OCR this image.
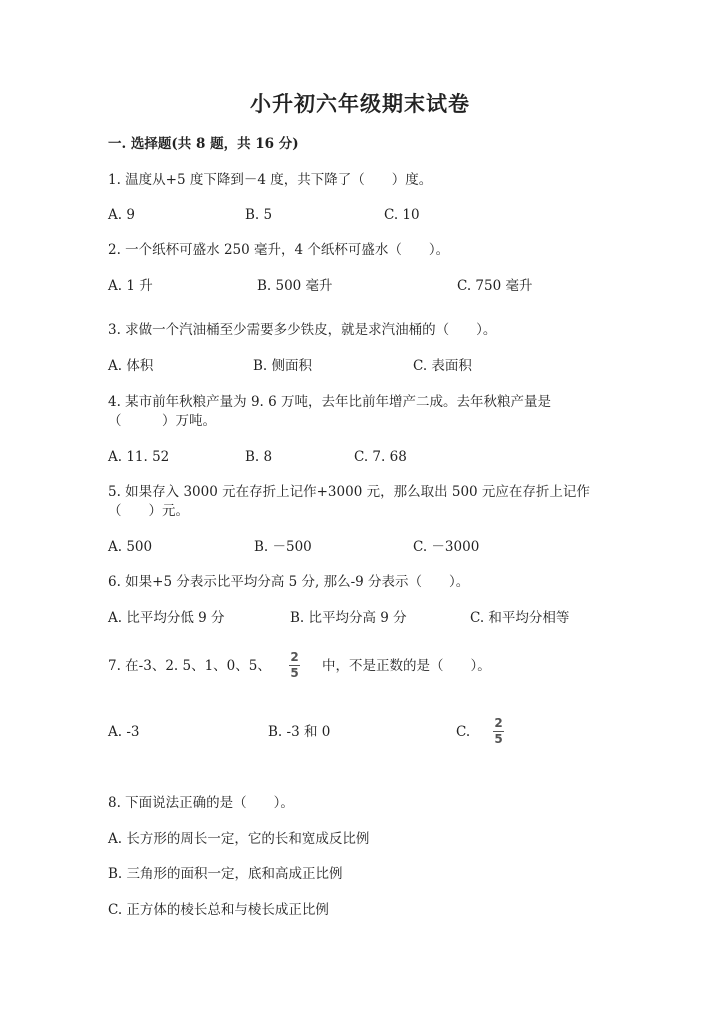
小升初六年级期末试卷
一. 选择题(共 8 题，共 16 分)
1. 温度从+5 度下降到－4 度，共下降了（　　）度。
A. 9	B. 5	C. 10
2. 一个纸杯可盛水 250 毫升，4 个纸杯可盛水（　　）。
A. 1 升	B. 500 毫升	C. 750 毫升
3. 求做一个汽油桶至少需要多少铁皮，就是求汽油桶的（　　）。
A. 体积	B. 侧面积	C. 表面积
4. 某市前年秋粮产量为 9. 6 万吨，去年比前年增产二成。去年秋粮产量是
（　　　）万吨。
A. 11. 52	B. 8	C. 7. 68
5. 如果存入 3000 元在存折上记作+3000 元，那么取出 500 元应在存折上记作
（　　）元。
A. 500	B. －500	C. －3000
6. 如果+5 分表示比平均分高 5 分, 那么-9 分表示（　　）。
A. 比平均分低 9 分	B. 比平均分高 9 分	C. 和平均分相等
7. 在-3、2. 5、1、0、5、
2
5 中，不是正数的是（　　）。
A. -3	B. -3 和 0	C.
2
5
8. 下面说法正确的是（　　）。
A. 长方形的周长一定，它的长和宽成反比例
B. 三角形的面积一定，底和高成正比例
C. 正方体的棱长总和与棱长成正比例
